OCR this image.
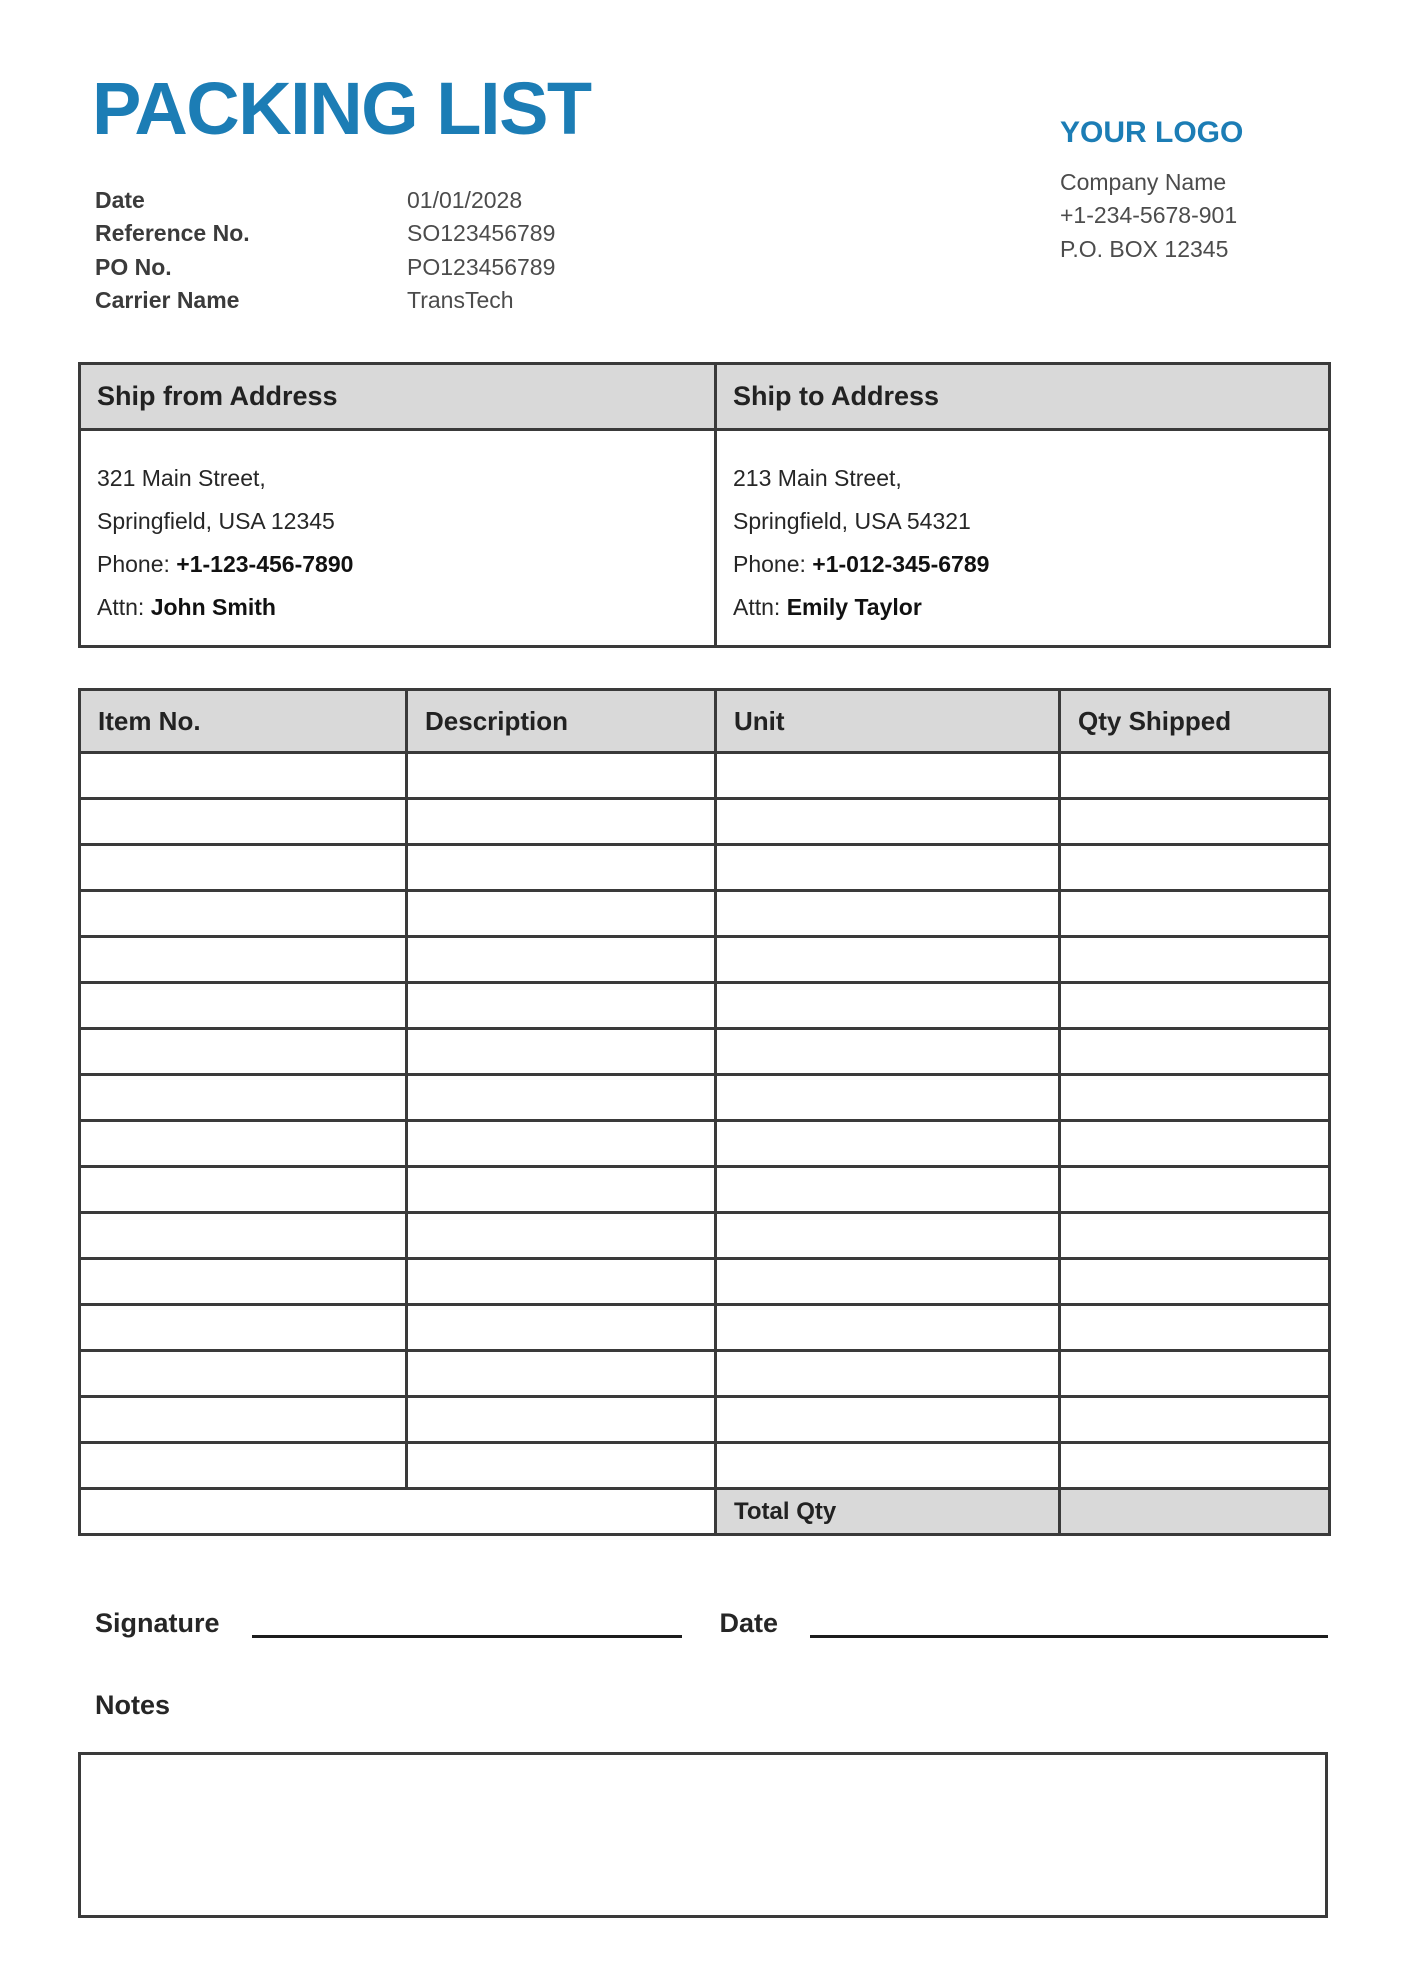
PACKING LIST
Date	01/01/2028
Reference No.	SO123456789
PO No.	PO123456789
Carrier Name	TransTech
YOUR LOGO
Company Name
+1-234-5678-901
P.O. BOX 12345
Ship from Address	Ship to Address

321 Main Street,
Springfield, USA 12345
Phone: +1-123-456-7890
Attn: John Smith

213 Main Street,
Springfield, USA 54321
Phone: +1-012-345-6789
Attn: Emily Taylor
Item No.	Description	Unit	Qty Shipped

		Total Qty	
Signature	Date
Notes
